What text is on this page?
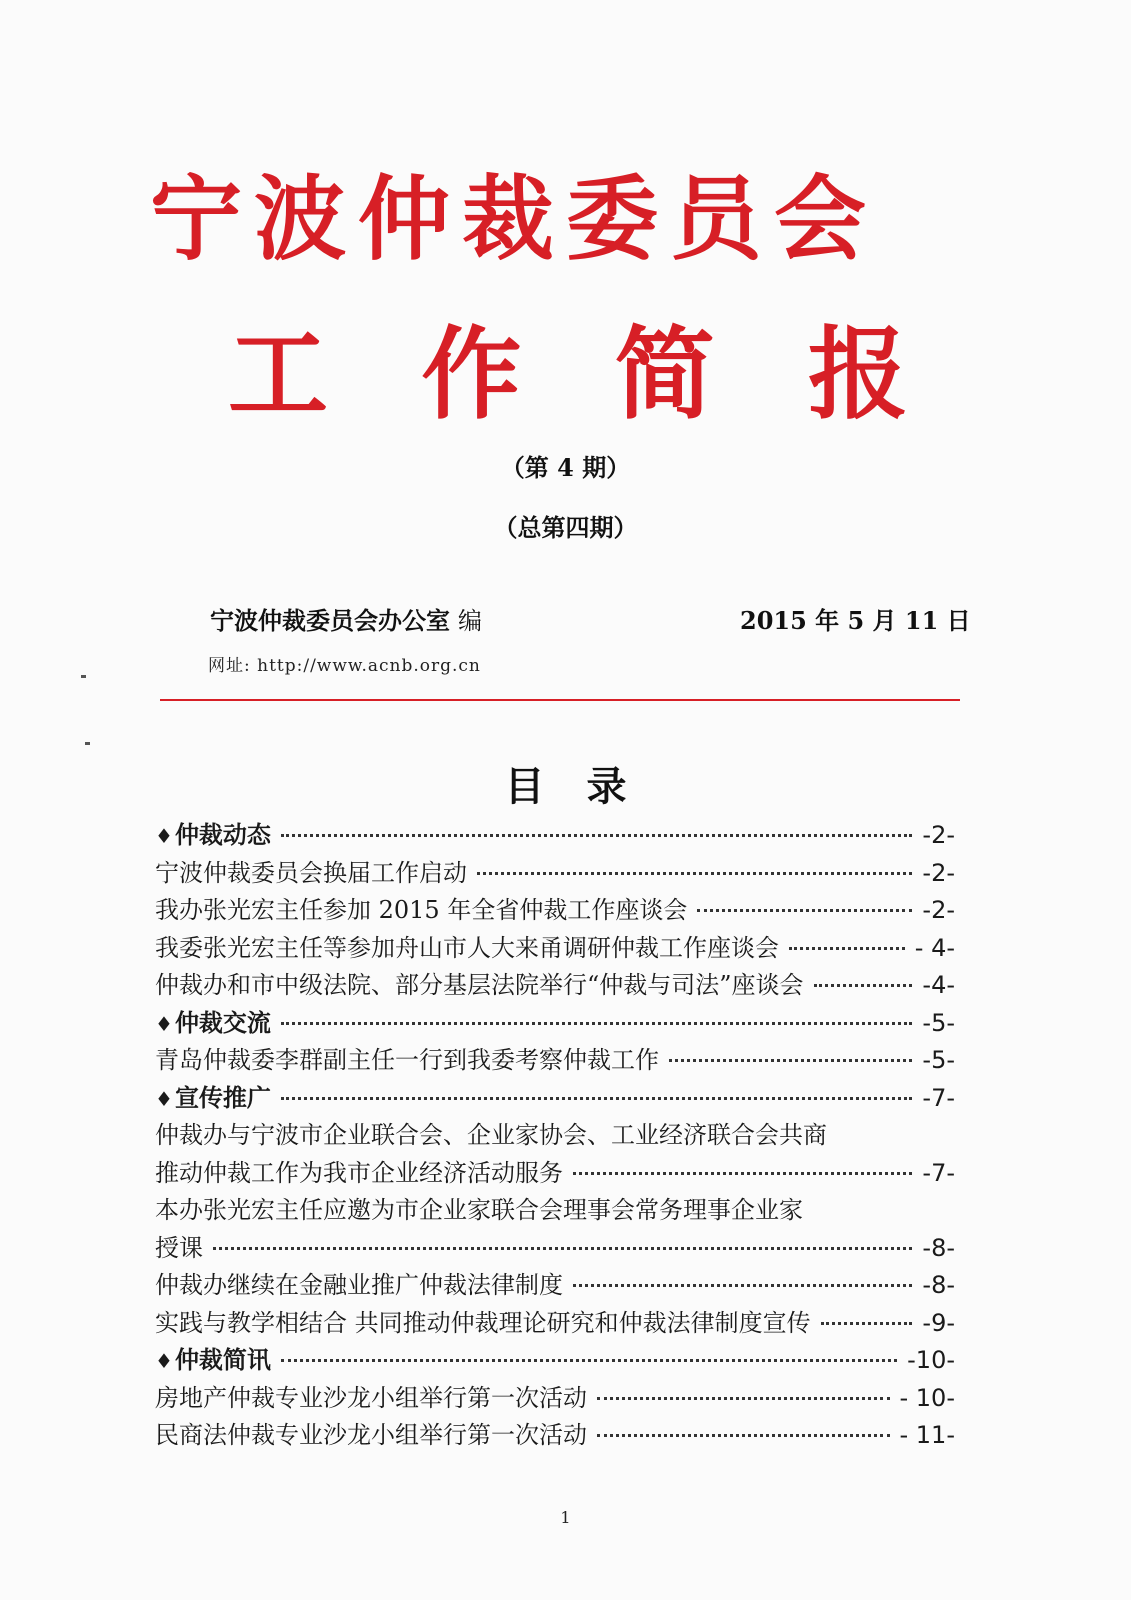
宁波仲裁委员会
工 作 简 报
（第 4 期）
（总第四期）
宁波仲裁委员会办公室 编	2015 年 5 月 11 日
网址: http://www.acnb.org.cn
目录
♦ 仲裁动态	-2-
宁波仲裁委员会换届工作启动	-2-
我办张光宏主任参加 2015 年全省仲裁工作座谈会	-2-
我委张光宏主任等参加舟山市人大来甬调研仲裁工作座谈会	- 4-
仲裁办和市中级法院、部分基层法院举行“仲裁与司法”座谈会	-4-
♦ 仲裁交流	-5-
青岛仲裁委李群副主任一行到我委考察仲裁工作	-5-
♦ 宣传推广	-7-
仲裁办与宁波市企业联合会、企业家协会、工业经济联合会共商
推动仲裁工作为我市企业经济活动服务	-7-
本办张光宏主任应邀为市企业家联合会理事会常务理事企业家
授课	-8-
仲裁办继续在金融业推广仲裁法律制度	-8-
实践与教学相结合 共同推动仲裁理论研究和仲裁法律制度宣传	-9-
♦ 仲裁简讯	-10-
房地产仲裁专业沙龙小组举行第一次活动	- 10-
民商法仲裁专业沙龙小组举行第一次活动	- 11-
1
